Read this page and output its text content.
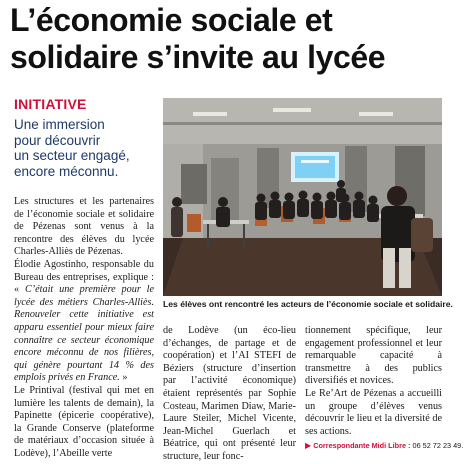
L’économie sociale et solidaire s’invite au lycée
INITIATIVE
Une immersion
pour découvrir
un secteur engagé,
encore méconnu.

Les structures et les partenaires de l’économie sociale et solidaire de Pézenas sont venus à la rencontre des élèves du lycée Charles-Alliès de Pézenas.

Élodie Agostinho, responsable du Bureau des entreprises, explique : « C’était une première pour le lycée des métiers Charles-Alliès. Renouveler cette initiative est apparu essentiel pour mieux faire connaître ce secteur économique encore méconnu de nos filières, qui génère pourtant 14 % des emplois privés en France. »

Le Printival (festival qui met en lumière les talents de demain), la Papinette (épicerie coopérative), la Grande Conserve (plateforme de matériaux d’occasion située à Lodève), l’Abeille verte

Les élèves ont rencontré les acteurs de l’économie sociale et solidaire.

de Lodève (un éco-lieu d’échanges, de partage et de coopération) et l’AI STEFI de Béziers (structure d’insertion par l’activité économique) étaient représentés par Sophie Costeau, Marimen Diaw, Marie-Laure Steiler, Michel Vicente, Jean-Michel Guerlach et Béatrice, qui ont présenté leur structure, leur fonc-

tionnement spécifique, leur engagement professionnel et leur remarquable capacité à transmettre à des publics diversifiés et novices.

Le Re’Art de Pézenas a accueilli un groupe d’élèves venus découvrir le lieu et la diversité de ses actions.

▶ Correspondante Midi Libre : 06 52 72 23 49.
